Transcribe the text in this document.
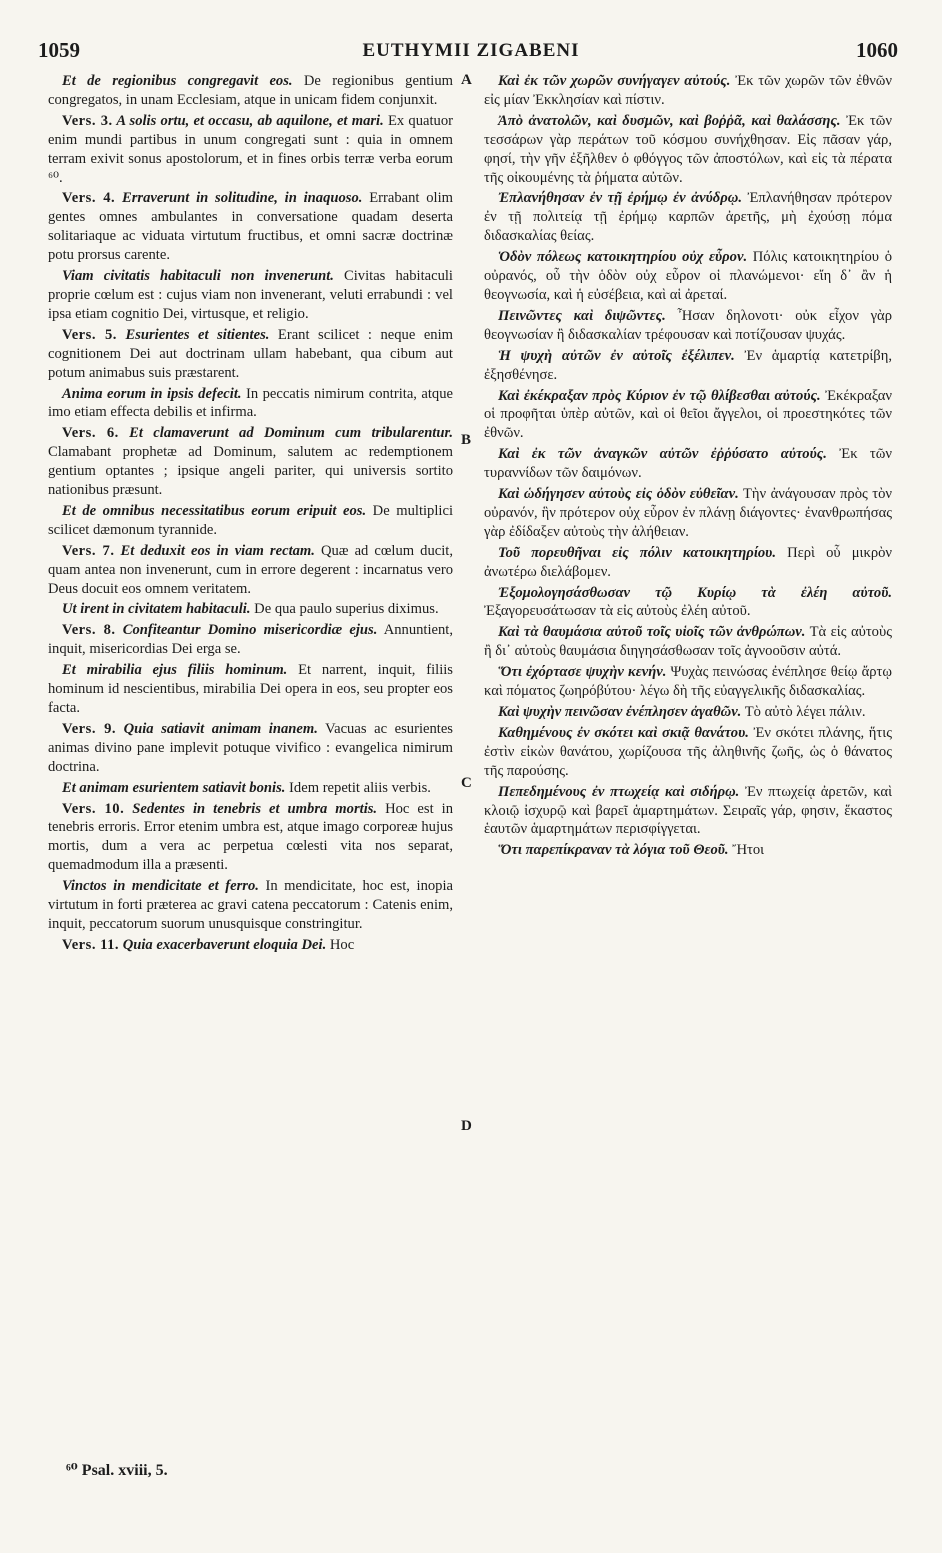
1059	EUTHYMII ZIGABENI	1060

Et de regionibus congregavit eos. De regionibus gentium congregatos, in unam Ecclesiam, atque in unicam fidem conjunxit.

Vers. 3. A solis ortu, et occasu, ab aquilone, et mari. Ex quatuor enim mundi partibus in unum congregati sunt : quia in omnem terram exivit sonus apostolorum, et in fines orbis terræ verba eorum ⁶⁰.

Vers. 4. Erraverunt in solitudine, in inaquoso. Errabant olim gentes omnes ambulantes in conversatione quadam deserta solitariaque ac viduata virtutum fructibus, et omni sacræ doctrinæ potu prorsus carente.

Viam civitatis habitaculi non invenerunt. Civitas habitaculi proprie cœlum est : cujus viam non invenerant, veluti errabundi : vel ipsa etiam cognitio Dei, virtusque, et religio.

Vers. 5. Esurientes et sitientes. Erant scilicet : neque enim cognitionem Dei aut doctrinam ullam habebant, qua cibum aut potum animabus suis præstarent.

Anima eorum in ipsis defecit. In peccatis nimirum contrita, atque imo etiam effecta debilis et infirma.

Vers. 6. Et clamaverunt ad Dominum cum tribularentur. Clamabant prophetæ ad Dominum, salutem ac redemptionem gentium optantes ; ipsique angeli pariter, qui universis sortito nationibus præsunt.

Et de omnibus necessitatibus eorum eripuit eos. De multiplici scilicet dæmonum tyrannide.

Vers. 7. Et deduxit eos in viam rectam. Quæ ad cœlum ducit, quam antea non invenerunt, cum in errore degerent : incarnatus vero Deus docuit eos omnem veritatem.

Ut irent in civitatem habitaculi. De qua paulo superius diximus.

Vers. 8. Confiteantur Domino misericordiæ ejus. Annuntient, inquit, misericordias Dei erga se.

Et mirabilia ejus filiis hominum. Et narrent, inquit, filiis hominum id nescientibus, mirabilia Dei opera in eos, seu propter eos facta.

Vers. 9. Quia satiavit animam inanem. Vacuas ac esurientes animas divino pane implevit potuque vivifico : evangelica nimirum doctrina.

Et animam esurientem satiavit bonis. Idem repetit aliis verbis.

Vers. 10. Sedentes in tenebris et umbra mortis. Hoc est in tenebris erroris. Error etenim umbra est, atque imago corporeæ hujus mortis, dum a vera ac perpetua cœlesti vita nos separat, quemadmodum illa a præsenti.

Vinctos in mendicitate et ferro. In mendicitate, hoc est, inopia virtutum in forti præterea ac gravi catena peccatorum : Catenis enim, inquit, peccatorum suorum unusquisque constringitur.

Vers. 11. Quia exacerbaverunt eloquia Dei. Hoc

Καὶ ἐκ τῶν χωρῶν συνήγαγεν αὐτούς. Ἐκ τῶν χωρῶν τῶν ἐθνῶν εἰς μίαν Ἐκκλησίαν καὶ πίστιν.

Ἀπὸ ἀνατολῶν, καὶ δυσμῶν, καὶ βοῤῥᾶ, καὶ θαλάσσης. Ἐκ τῶν τεσσάρων γὰρ περάτων τοῦ κόσμου συνήχθησαν. Εἰς πᾶσαν γάρ, φησί, τὴν γῆν ἐξῆλθεν ὁ φθόγγος τῶν ἀποστόλων, καὶ εἰς τὰ πέρατα τῆς οἰκουμένης τὰ ῥήματα αὐτῶν.

Ἐπλανήθησαν ἐν τῇ ἐρήμῳ ἐν ἀνύδρῳ. Ἐπλανήθησαν πρότερον ἐν τῇ πολιτείᾳ τῇ ἐρήμῳ καρπῶν ἀρετῆς, μὴ ἐχούσῃ πόμα διδασκαλίας θείας.

Ὁδὸν πόλεως κατοικητηρίου οὐχ εὗρον. Πόλις κατοικητηρίου ὁ οὐρανός, οὗ τὴν ὁδὸν οὐχ εὗρον οἱ πλανώμενοι· εἴη δ᾽ ἂν ἡ θεογνωσία, καὶ ἡ εὐσέβεια, καὶ αἱ ἀρεταί.

Πεινῶντες καὶ διψῶντες. Ἦσαν δηλονοτι· οὐκ εἶχον γὰρ θεογνωσίαν ἢ διδασκαλίαν τρέφουσαν καὶ ποτίζουσαν ψυχάς.

Ἡ ψυχὴ αὐτῶν ἐν αὐτοῖς ἐξέλιπεν. Ἐν ἁμαρτίᾳ κατετρίβη, ἐξησθένησε.

Καὶ ἐκέκραξαν πρὸς Κύριον ἐν τῷ θλίβεσθαι αὐτούς. Ἐκέκραξαν οἱ προφῆται ὑπὲρ αὐτῶν, καὶ οἱ θεῖοι ἄγγελοι, οἱ προεστηκότες τῶν ἐθνῶν.

Καὶ ἐκ τῶν ἀναγκῶν αὐτῶν ἐῤῥύσατο αὐτούς. Ἐκ τῶν τυραννίδων τῶν δαιμόνων.

Καὶ ὡδήγησεν αὐτοὺς εἰς ὁδὸν εὐθεῖαν. Τὴν ἀνάγουσαν πρὸς τὸν οὐρανόν, ἣν πρότερον οὐχ εὗρον ἐν πλάνῃ διάγοντες· ἐνανθρωπήσας γὰρ ἐδίδαξεν αὐτοὺς τὴν ἀλήθειαν.

Τοῦ πορευθῆναι εἰς πόλιν κατοικητηρίου. Περὶ οὗ μικρὸν ἀνωτέρω διελάβομεν.

Ἐξομολογησάσθωσαν τῷ Κυρίῳ τὰ ἐλέη αὐτοῦ. Ἐξαγορευσάτωσαν τὰ εἰς αὐτοὺς ἐλέη αὐτοῦ.

Καὶ τὰ θαυμάσια αὐτοῦ τοῖς υἱοῖς τῶν ἀνθρώπων. Τὰ εἰς αὐτοὺς ἢ δι᾽ αὐτοὺς θαυμάσια διηγησάσθωσαν τοῖς ἀγνοοῦσιν αὐτά.

Ὅτι ἐχόρτασε ψυχὴν κενήν. Ψυχὰς πεινώσας ἐνέπλησε θείῳ ἄρτῳ καὶ πόματος ζωηρόβύτου· λέγω δὴ τῆς εὐαγγελικῆς διδασκαλίας.

Καὶ ψυχὴν πεινῶσαν ἐνέπλησεν ἀγαθῶν. Τὸ αὐτὸ λέγει πάλιν.

Καθημένους ἐν σκότει καὶ σκιᾷ θανάτου. Ἐν σκότει πλάνης, ἥτις ἐστὶν εἰκὼν θανάτου, χωρίζουσα τῆς ἀληθινῆς ζωῆς, ὡς ὁ θάνατος τῆς παρούσης.

Πεπεδημένους ἐν πτωχείᾳ καὶ σιδήρῳ. Ἐν πτωχείᾳ ἀρετῶν, καὶ κλοιῷ ἰσχυρῷ καὶ βαρεῖ ἁμαρτημάτων. Σειραῖς γάρ, φησιν, ἕκαστος ἑαυτῶν ἁμαρτημάτων περισφίγγεται.

Ὅτι παρεπίκραναν τὰ λόγια τοῦ Θεοῦ. Ἤτοι

A
B
C
D
⁶⁰ Psal. xviii, 5.
